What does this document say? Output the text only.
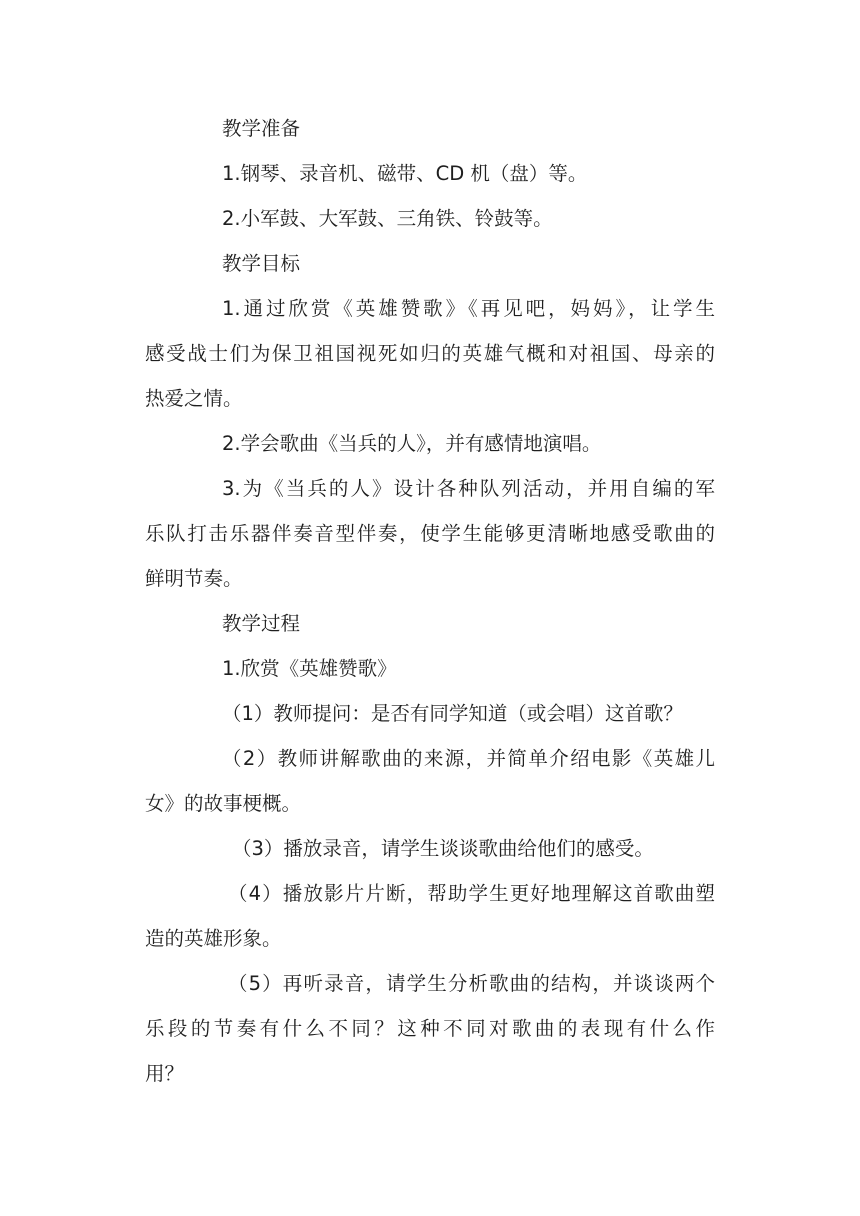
教学准备

1.钢琴、录音机、磁带、CD 机（盘）等。

2.小军鼓、大军鼓、三角铁、铃鼓等。

教学目标

1.通过欣赏《英雄赞歌》《再见吧，妈妈》，让学生

感受战士们为保卫祖国视死如归的英雄气概和对祖国、母亲的

热爱之情。

2.学会歌曲《当兵的人》，并有感情地演唱。

3.为《当兵的人》设计各种队列活动，并用自编的军

乐队打击乐器伴奏音型伴奏，使学生能够更清晰地感受歌曲的

鲜明节奏。

教学过程

1.欣赏《英雄赞歌》

（1）教师提问：是否有同学知道（或会唱）这首歌？

（2）教师讲解歌曲的来源，并简单介绍电影《英雄儿

女》的故事梗概。

（3）播放录音，请学生谈谈歌曲给他们的感受。

（4）播放影片片断，帮助学生更好地理解这首歌曲塑

造的英雄形象。

（5）再听录音，请学生分析歌曲的结构，并谈谈两个

乐段的节奏有什么不同？这种不同对歌曲的表现有什么作

用？
